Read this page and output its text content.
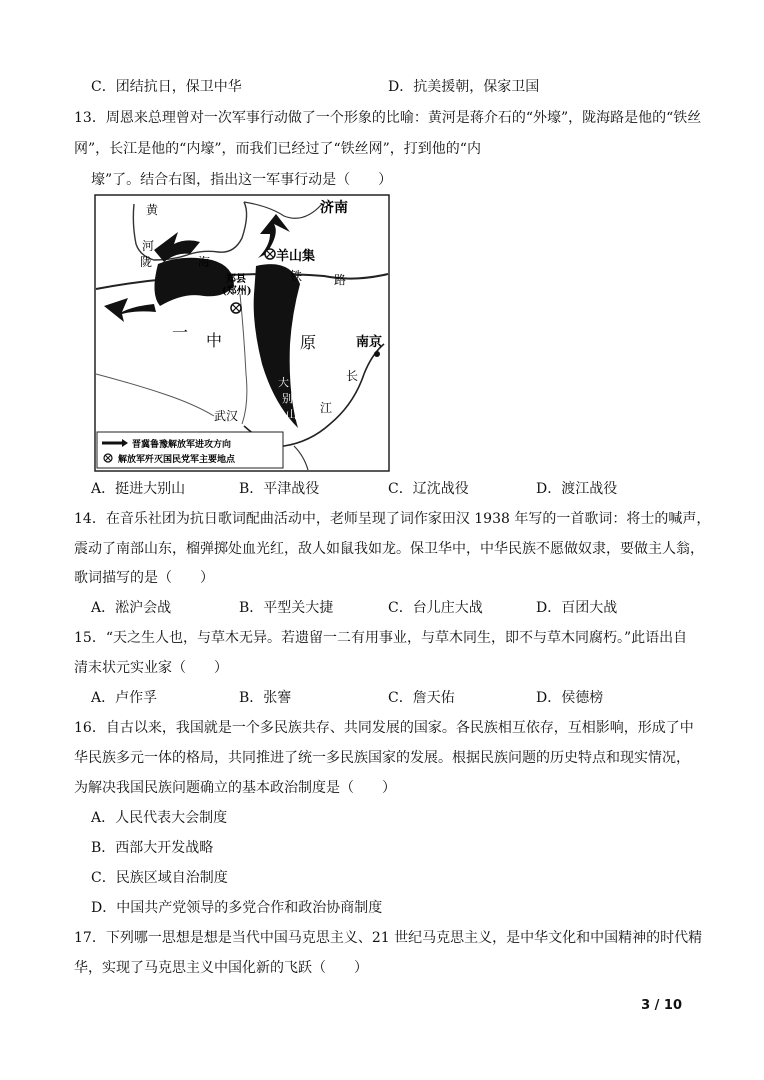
C．团结抗日，保卫中华	D．抗美援朝，保家卫国
13．周恩来总理曾对一次军事行动做了一个形象的比喻：黄河是蒋介石的“外壕”，陇海路是他的“铁丝
网”，长江是他的“内壕”，而我们已经过了“铁丝网”，打到他的“内
壕”了。结合右图，指出这一军事行动是（　　）
济南
黄
河
陇	海	羊山集
铁	路
郑县
(郑州)
一 中	原	南京
长
江
大
别
山
武汉
晋冀鲁豫解放军进攻方向
解放军歼灭国民党军主要地点
A．挺进大别山	B．平津战役	C．辽沈战役	D．渡江战役
14．在音乐社团为抗日歌词配曲活动中，老师呈现了词作家田汉 1938 年写的一首歌词：将士的喊声，
震动了南部山东，榴弹掷处血光红，敌人如鼠我如龙。保卫华中，中华民族不愿做奴隶，要做主人翁，
歌词描写的是（　　）
A．淞沪会战	B．平型关大捷	C．台儿庄大战	D．百团大战
15．“天之生人也，与草木无异。若遗留一二有用事业，与草木同生，即不与草木同腐朽。”此语出自
清末状元实业家（　　）
A．卢作孚	B．张謇	C．詹天佑	D．侯德榜
16．自古以来，我国就是一个多民族共存、共同发展的国家。各民族相互依存，互相影响，形成了中
华民族多元一体的格局，共同推进了统一多民族国家的发展。根据民族问题的历史特点和现实情况，
为解决我国民族问题确立的基本政治制度是（　　）
A．人民代表大会制度
B．西部大开发战略
C．民族区域自治制度
D．中国共产党领导的多党合作和政治协商制度
17．下列哪一思想是想是当代中国马克思主义、21 世纪马克思主义，是中华文化和中国精神的时代精
华，实现了马克思主义中国化新的飞跃（　　）
3 / 10
